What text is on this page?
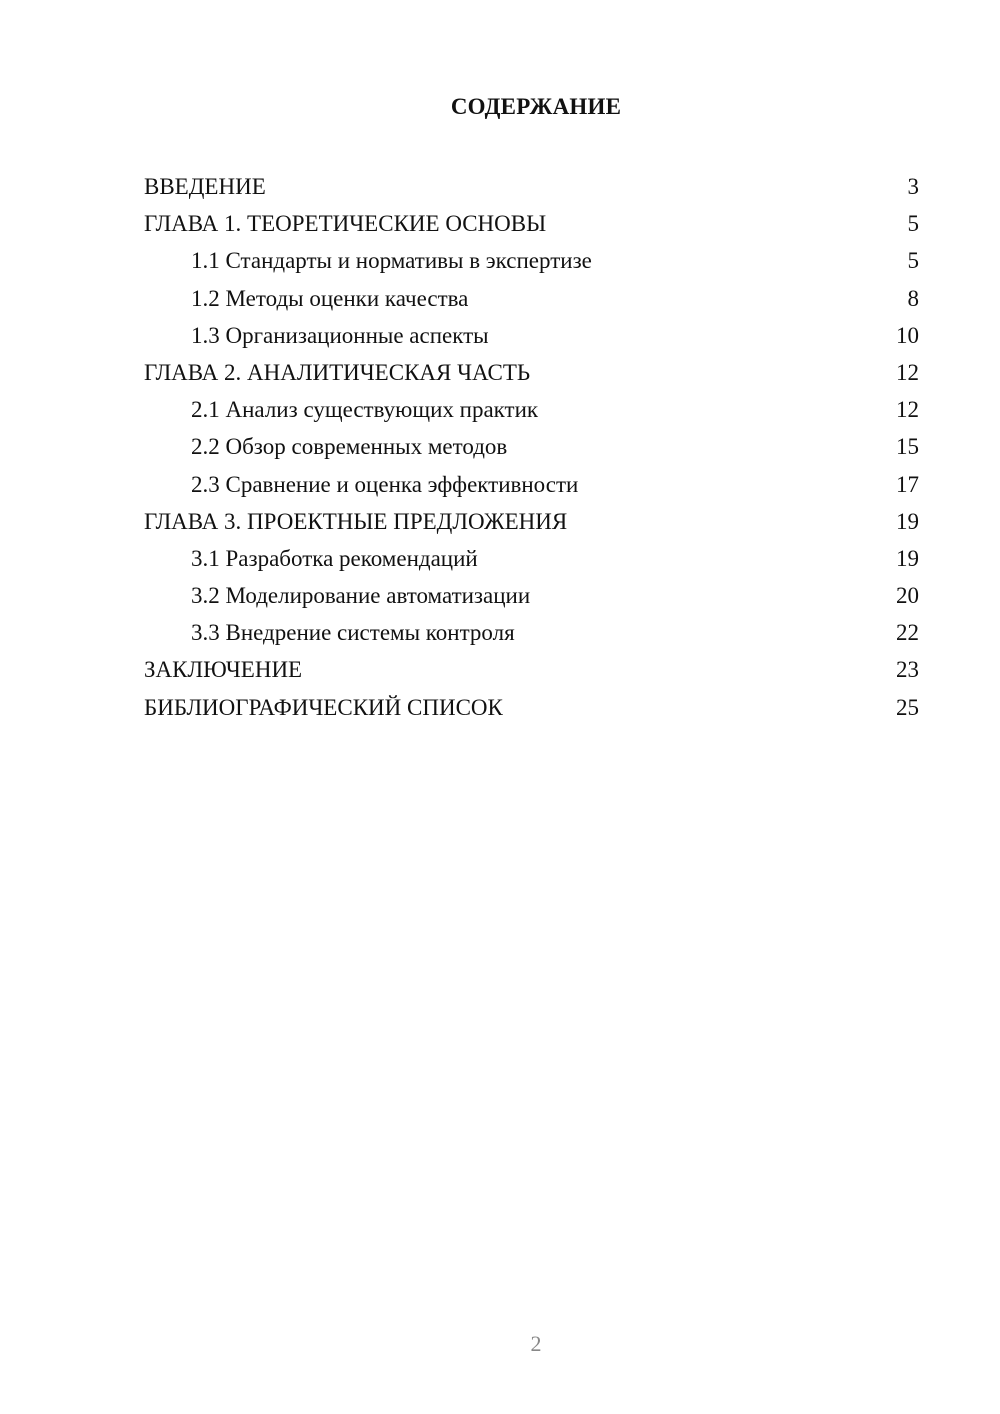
СОДЕРЖАНИЕ
ВВЕДЕНИЕ	3
ГЛАВА 1. ТЕОРЕТИЧЕСКИЕ ОСНОВЫ	5
1.1 Стандарты и нормативы в экспертизе	5
1.2 Методы оценки качества	8
1.3 Организационные аспекты	10
ГЛАВА 2. АНАЛИТИЧЕСКАЯ ЧАСТЬ	12
2.1 Анализ существующих практик	12
2.2 Обзор современных методов	15
2.3 Сравнение и оценка эффективности	17
ГЛАВА 3. ПРОЕКТНЫЕ ПРЕДЛОЖЕНИЯ	19
3.1 Разработка рекомендаций	19
3.2 Моделирование автоматизации	20
3.3 Внедрение системы контроля	22
ЗАКЛЮЧЕНИЕ	23
БИБЛИОГРАФИЧЕСКИЙ СПИСОК	25
2
